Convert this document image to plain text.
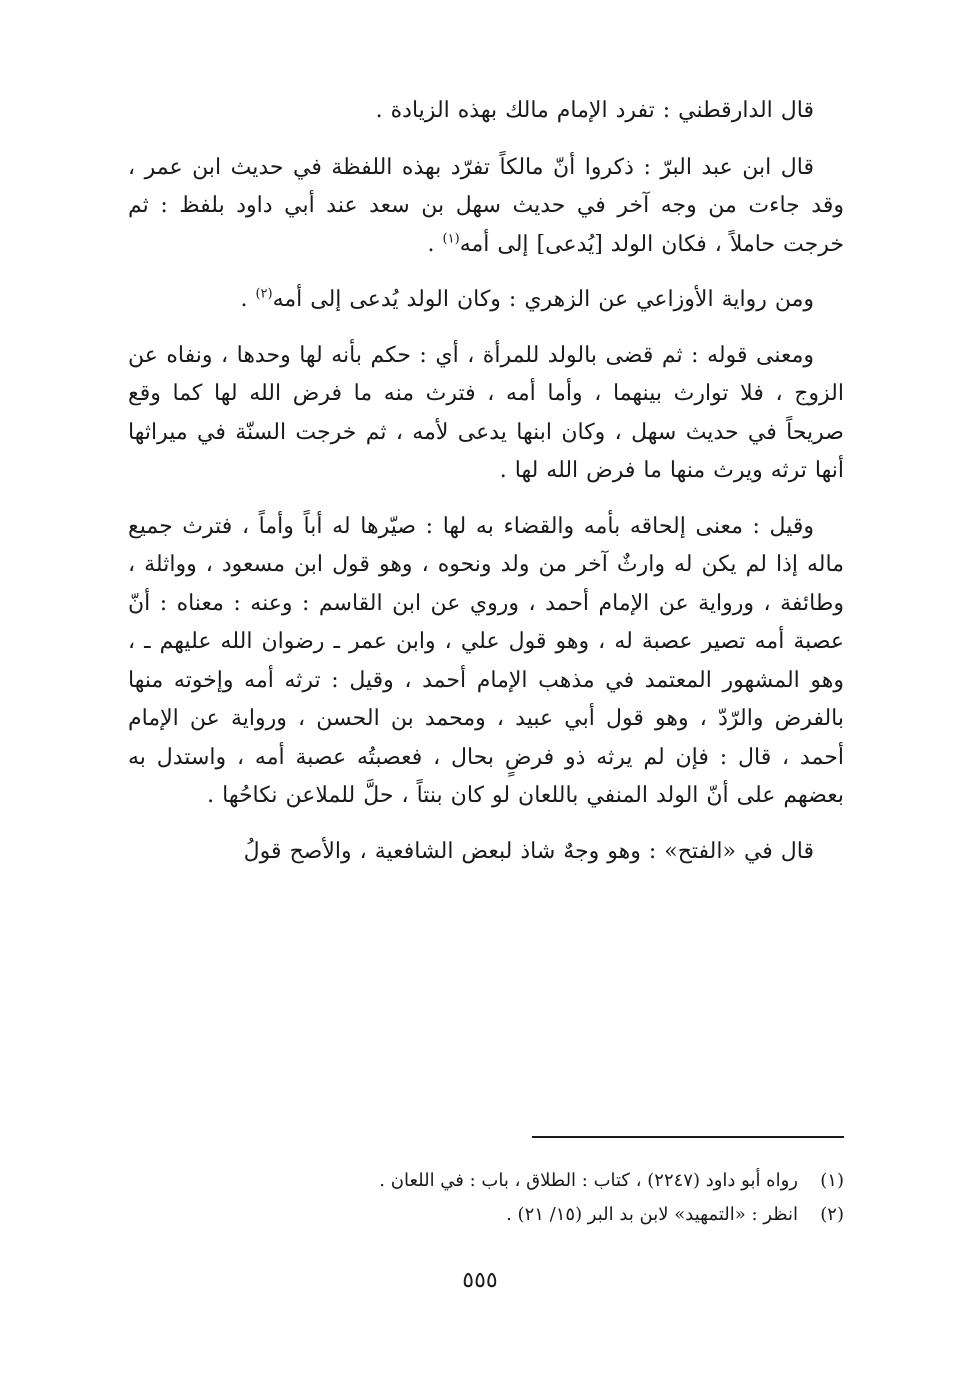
قال الدارقطني : تفرد الإمام مالك بهذه الزيادة .

قال ابن عبد البرّ : ذكروا أنّ مالكاً تفرّد بهذه اللفظة في حديث ابن عمر ، وقد جاءت من وجه آخر في حديث سهل بن سعد عند أبي داود بلفظ : ثم خرجت حاملاً ، فكان الولد [يُدعى] إلى أمه$^{(١)}$ .

ومن رواية الأوزاعي عن الزهري : وكان الولد يُدعى إلى أمه$^{(٢)}$ .

ومعنى قوله : ثم قضى بالولد للمرأة ، أي : حكم بأنه لها وحدها ، ونفاه عن الزوج ، فلا توارث بينهما ، وأما أمه ، فترث منه ما فرض الله لها كما وقع صريحاً في حديث سهل ، وكان ابنها يدعى لأمه ، ثم خرجت السنّة في ميراثها أنها ترثه ويرث منها ما فرض الله لها .

وقيل : معنى إلحاقه بأمه والقضاء به لها : صيّرها له أباً وأماً ، فترث جميع ماله إذا لم يكن له وارثٌ آخر من ولد ونحوه ، وهو قول ابن مسعود ، وواثلة ، وطائفة ، ورواية عن الإمام أحمد ، وروي عن ابن القاسم : وعنه : معناه : أنّ عصبة أمه تصير عصبة له ، وهو قول علي ، وابن عمر ـ رضوان الله عليهم ـ ، وهو المشهور المعتمد في مذهب الإمام أحمد ، وقيل : ترثه أمه وإخوته منها بالفرض والرّدّ ، وهو قول أبي عبيد ، ومحمد بن الحسن ، ورواية عن الإمام أحمد ، قال : فإن لم يرثه ذو فرضٍ بحال ، فعصبتُه عصبة أمه ، واستدل به بعضهم على أنّ الولد المنفي باللعان لو كان بنتاً ، حلَّ للملاعن نكاحُها .

قال في «الفتح» : وهو وجهٌ شاذ لبعض الشافعية ، والأصح قولُ

(١)رواه أبو داود (٢٢٤٧) ، كتاب : الطلاق ، باب : في اللعان .

(٢)انظر : «التمهيد» لابن بد البر (١٥/ ٢١) .

٥٥٥
